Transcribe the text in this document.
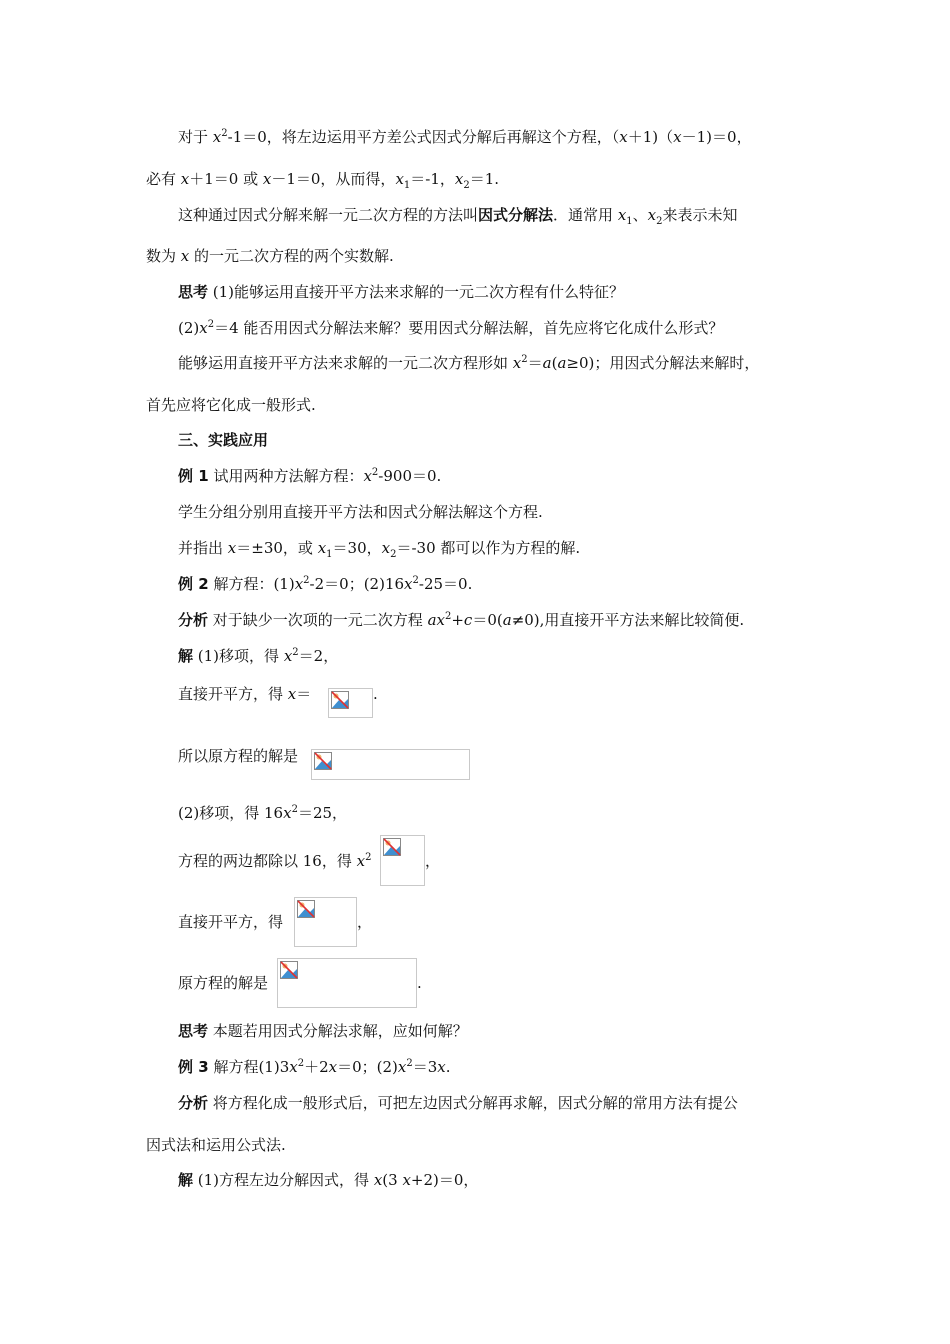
对于 $x^2-1=0$，将左边运用平方差公式因式分解后再解这个方程，（x＋1)（x－1)＝0，
必有 x＋1＝0 或 x－1＝0，从而得，$x_1=-1$，$x_2=1$.
这种通过因式分解来解一元二次方程的方法叫因式分解法．通常用 $x_1$、$x_2$来表示未知
数为 x 的一元二次方程的两个实数解.
思考 (1)能够运用直接开平方法来求解的一元二次方程有什么特征？
$(2)x^2=4$ 能否用因式分解法来解？要用因式分解法解，首先应将它化成什么形式？
能够运用直接开平方法来求解的一元二次方程形如 $x^2=a(a\ge 0)$；用因式分解法来解时，
首先应将它化成一般形式.
三、实践应用
例 1 试用两种方法解方程：$x^2-900=0$.
学生分组分别用直接开平方法和因式分解法解这个方程.
并指出 x＝±30，或 $x_1=30$，$x_2=-30$ 都可以作为方程的解.
例 2 解方程：$(1)x^2-2=0$；$(2)16x^2-25=0$.
分析 对于缺少一次项的一元二次方程 $ax^2+c=0(a\ne 0)$,用直接开平方法来解比较简便.
解 (1)移项，得 $x^2=2$，
直接开平方，得 x＝	.
所以原方程的解是
(2)移项，得 $16x^2=25$，
方程的两边都除以 16，得 $x^2$	，
直接开平方，得	，
原方程的解是	.
思考 本题若用因式分解法求解，应如何解？
例 3 解方程$(1)3x^2+2x=0$；$(2)x^2=3x$.
分析 将方程化成一般形式后，可把左边因式分解再求解，因式分解的常用方法有提公
因式法和运用公式法.
解 (1)方程左边分解因式，得 x(3 x+2)＝0，
